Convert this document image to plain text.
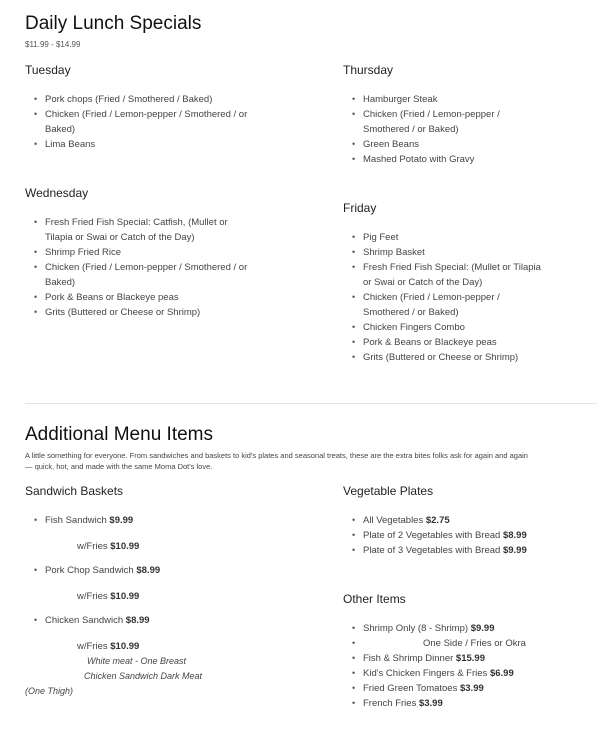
Daily Lunch Specials
$11.99 - $14.99
Tuesday
• Pork chops (Fried / Smothered / Baked)
• Chicken (Fried / Lemon-pepper / Smothered / or Baked)
• Lima Beans
Wednesday
• Fresh Fried Fish Special: Catfish, (Mullet or Tilapia or Swai or Catch of the Day)
• Shrimp Fried Rice
• Chicken (Fried / Lemon-pepper / Smothered / or Baked)
• Pork & Beans or Blackeye peas
• Grits (Buttered or Cheese or Shrimp)
Thursday
• Hamburger Steak
• Chicken (Fried / Lemon-pepper / Smothered / or Baked)
• Green Beans
• Mashed Potato with Gravy
Friday
• Pig Feet
• Shrimp Basket
• Fresh Fried Fish Special: (Mullet or Tilapia or Swai or Catch of the Day)
• Chicken (Fried / Lemon-pepper / Smothered / or Baked)
• Chicken Fingers Combo
• Pork & Beans or Blackeye peas
• Grits (Buttered or Cheese or Shrimp)
Additional Menu Items
A little something for everyone. From sandwiches and baskets to kid's plates and seasonal treats, these are the extra bites folks ask for again and again — quick, hot, and made with the same Moma Dot's love.
Sandwich Baskets
• Fish Sandwich $9.99
w/Fries $10.99
• Pork Chop Sandwich $8.99
w/Fries $10.99
• Chicken Sandwich $8.99
w/Fries $10.99
White meat - One Breast
Chicken Sandwich Dark Meat
(One Thigh)
Vegetable Plates
• All Vegetables $2.75
• Plate of 2 Vegetables with Bread $8.99
• Plate of 3 Vegetables with Bread $9.99
Other Items
• Shrimp Only (8 - Shrimp) $9.99
• One Side / Fries or Okra
• Fish & Shrimp Dinner $15.99
• Kid's Chicken Fingers & Fries $6.99
• Fried Green Tomatoes $3.99
• French Fries $3.99
